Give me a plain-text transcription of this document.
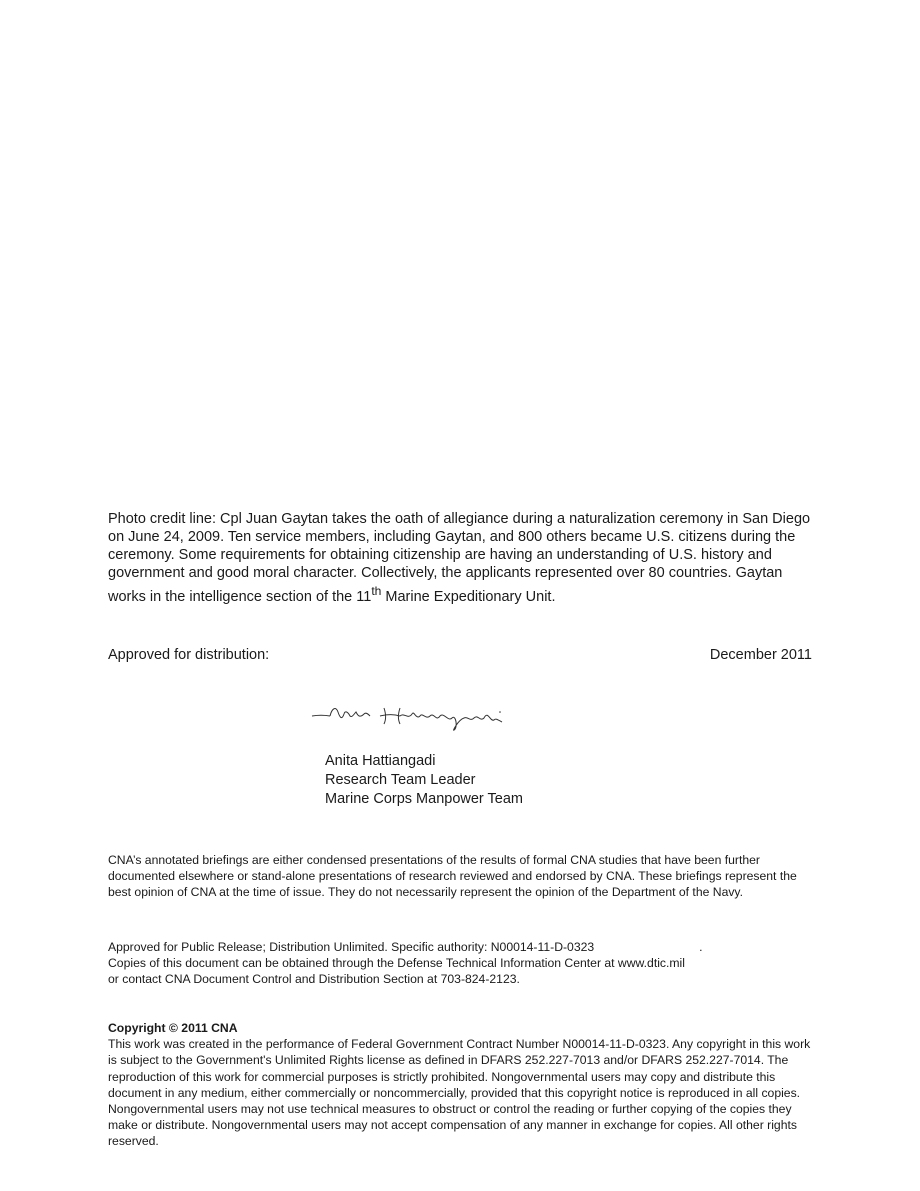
Photo credit line: Cpl Juan Gaytan takes the oath of allegiance during a naturalization ceremony in San Diego on June 24, 2009. Ten service members, including Gaytan, and 800 others became U.S. citizens during the ceremony. Some requirements for obtaining citizenship are having an understanding of U.S. history and government and good moral character. Collectively, the applicants represented over 80 countries. Gaytan works in the intelligence section of the 11th Marine Expeditionary Unit.
Approved for distribution:	December 2011
Anita Hattiangadi
Research Team Leader
Marine Corps Manpower Team
CNA’s annotated briefings are either condensed presentations of the results of formal CNA studies that have been further documented elsewhere or stand-alone presentations of research reviewed and endorsed by CNA. These briefings represent the best opinion of CNA at the time of issue. They do not necessarily represent the opinion of the Department of the Navy.
Approved for Public Release; Distribution Unlimited. Specific authority: N00014-11-D-0323	.
Copies of this document can be obtained through the Defense Technical Information Center at www.dtic.mil
or contact CNA Document Control and Distribution Section at 703-824-2123.
Copyright © 2011 CNA
This work was created in the performance of Federal Government Contract Number N00014-11-D-0323. Any copyright in this work is subject to the Government's Unlimited Rights license as defined in DFARS 252.227-7013 and/or DFARS 252.227-7014. The reproduction of this work for commercial purposes is strictly prohibited. Nongovernmental users may copy and distribute this document in any medium, either commercially or noncommercially, provided that this copyright notice is reproduced in all copies. Nongovernmental users may not use technical measures to obstruct or control the reading or further copying of the copies they make or distribute. Nongovernmental users may not accept compensation of any manner in exchange for copies. All other rights reserved.
